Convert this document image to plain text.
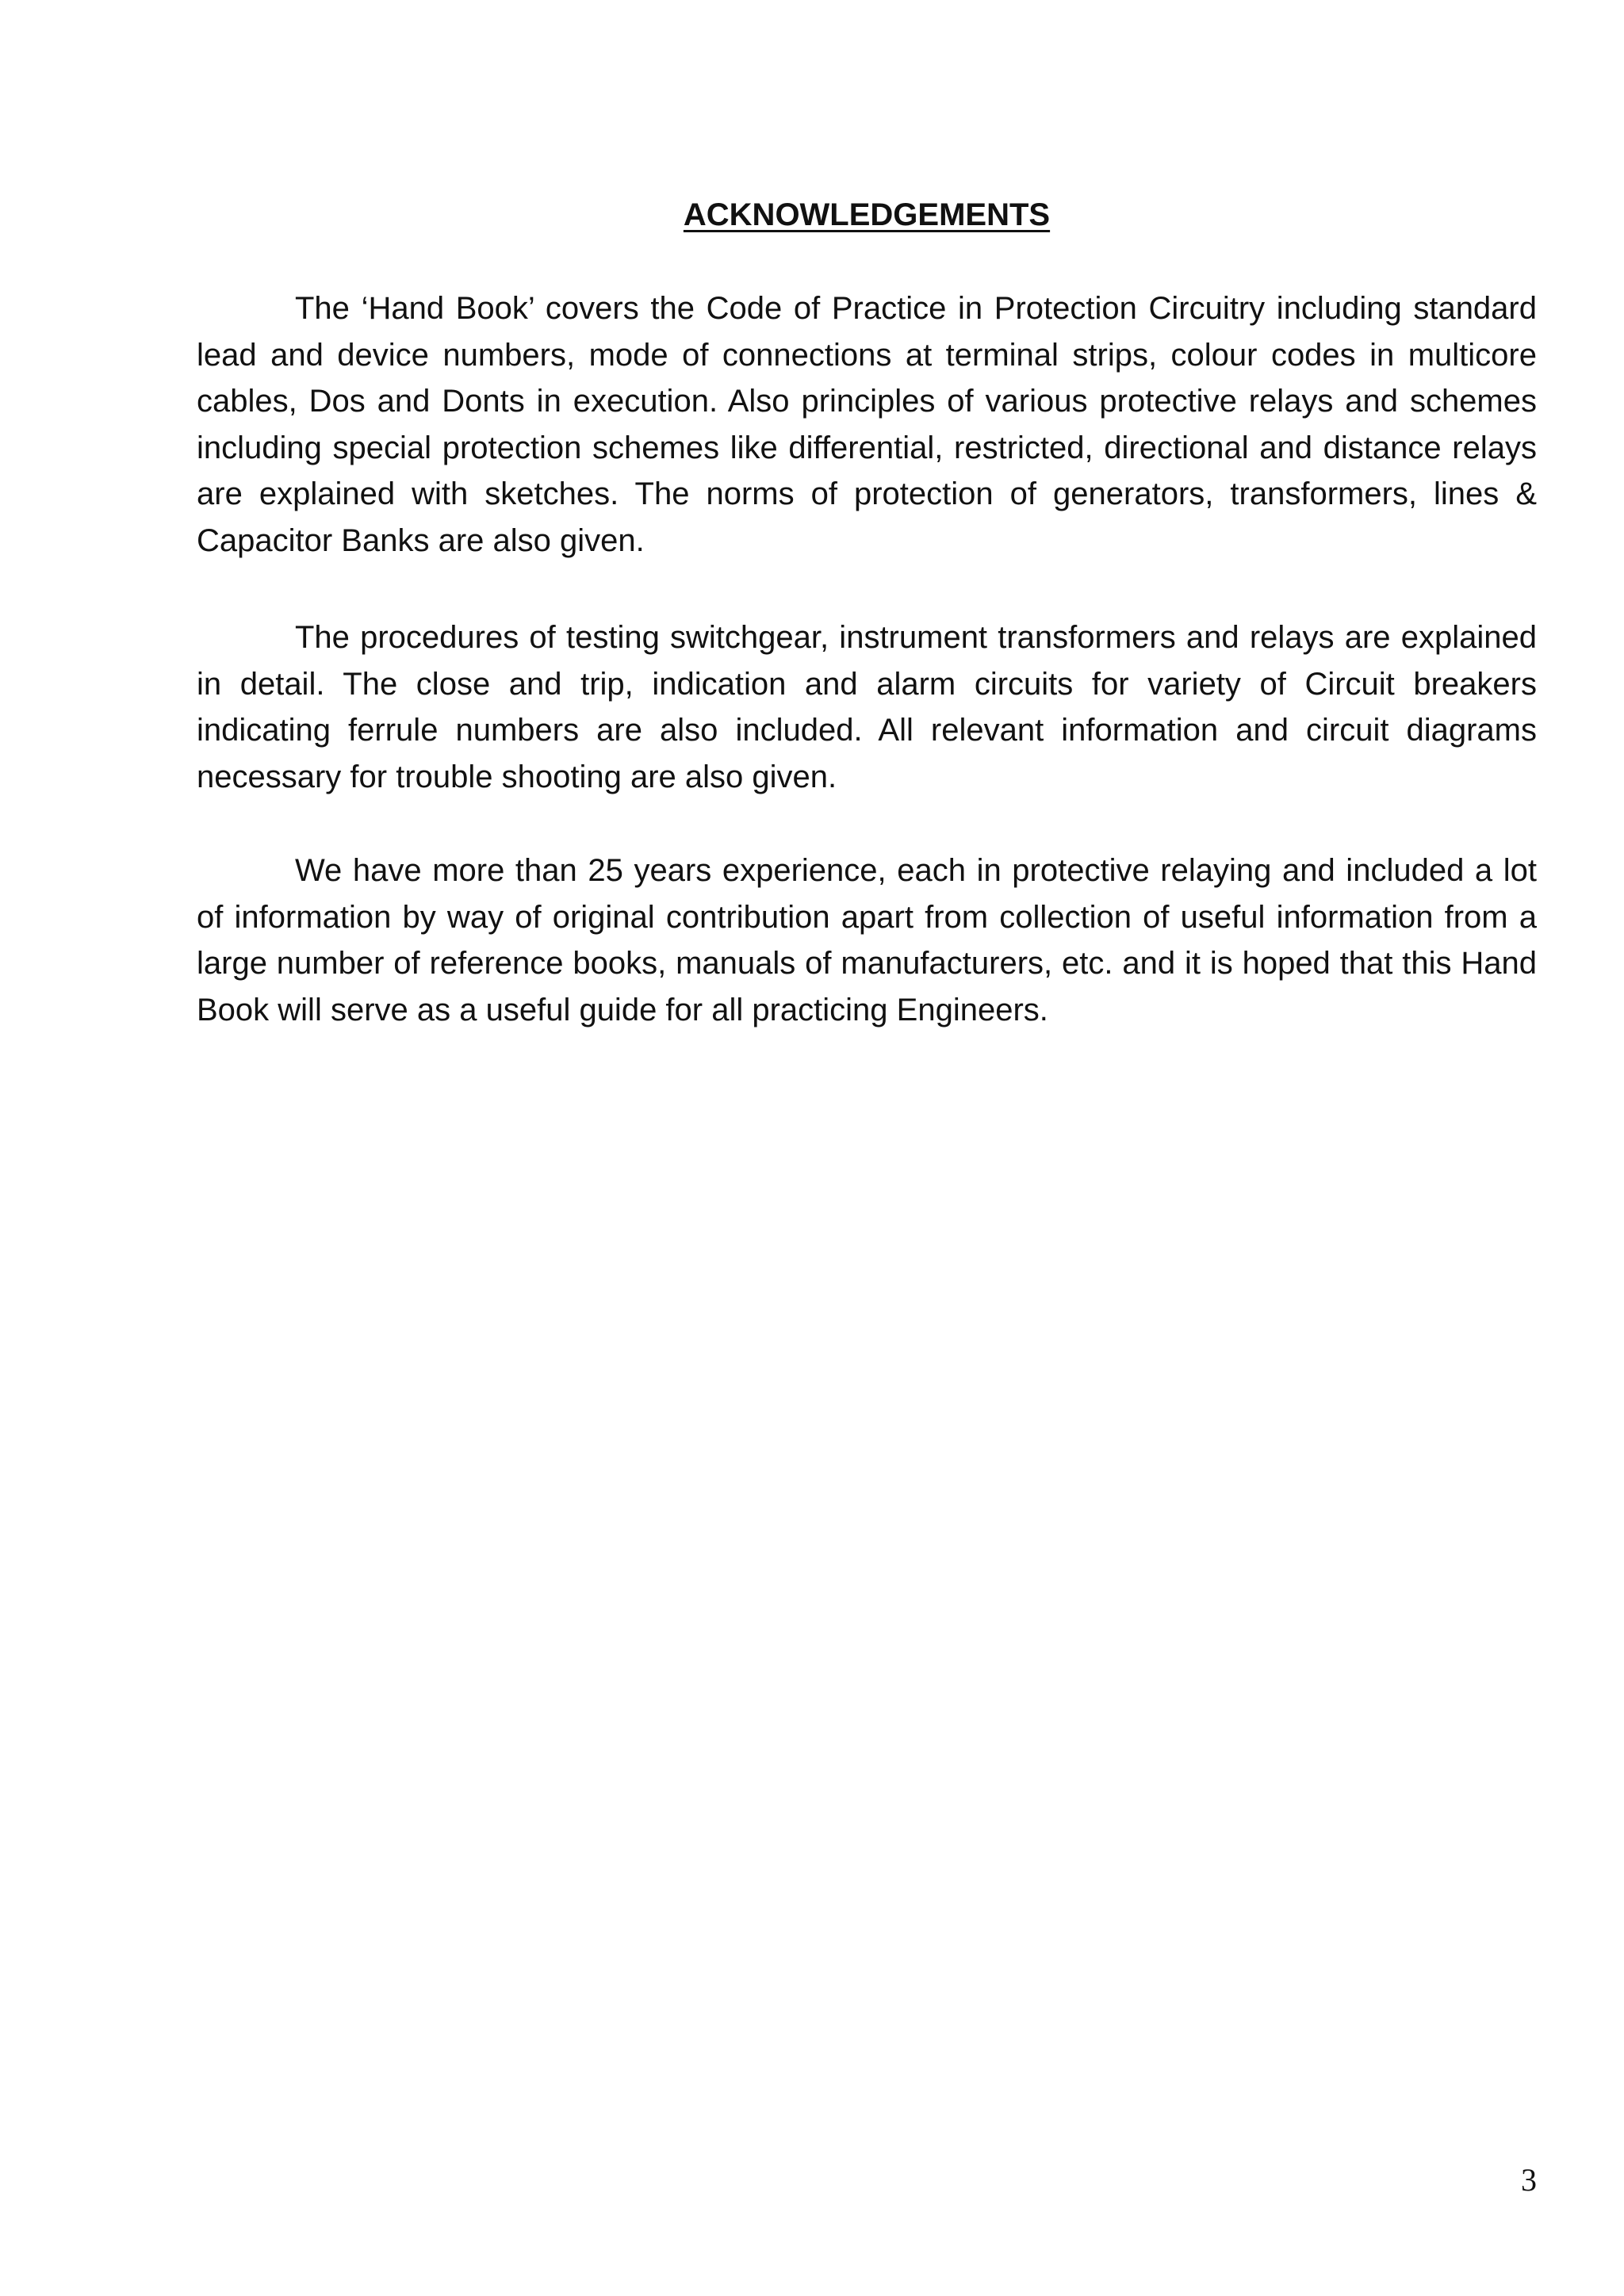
ACKNOWLEDGEMENTS

The ‘Hand Book’ covers the Code of Practice in Protection Circuitry including standard lead and device numbers, mode of connections at terminal strips, colour codes in multicore cables, Dos and Donts in execution. Also principles of various protective relays and schemes including special protection schemes like differential, restricted, directional and distance relays are explained with sketches. The norms of protection of generators, transformers, lines & Capacitor Banks are also given.

The procedures of testing switchgear, instrument transformers and relays are explained in detail. The close and trip, indication and alarm circuits for variety of Circuit breakers indicating ferrule numbers are also included. All relevant information and circuit diagrams necessary for trouble shooting are also given.

We have more than 25 years experience, each in protective relaying and included a lot of information by way of original contribution apart from collection of useful information from a large number of reference books, manuals of manufacturers, etc. and it is hoped that this Hand Book will serve as a useful guide for all practicing Engineers.

3
